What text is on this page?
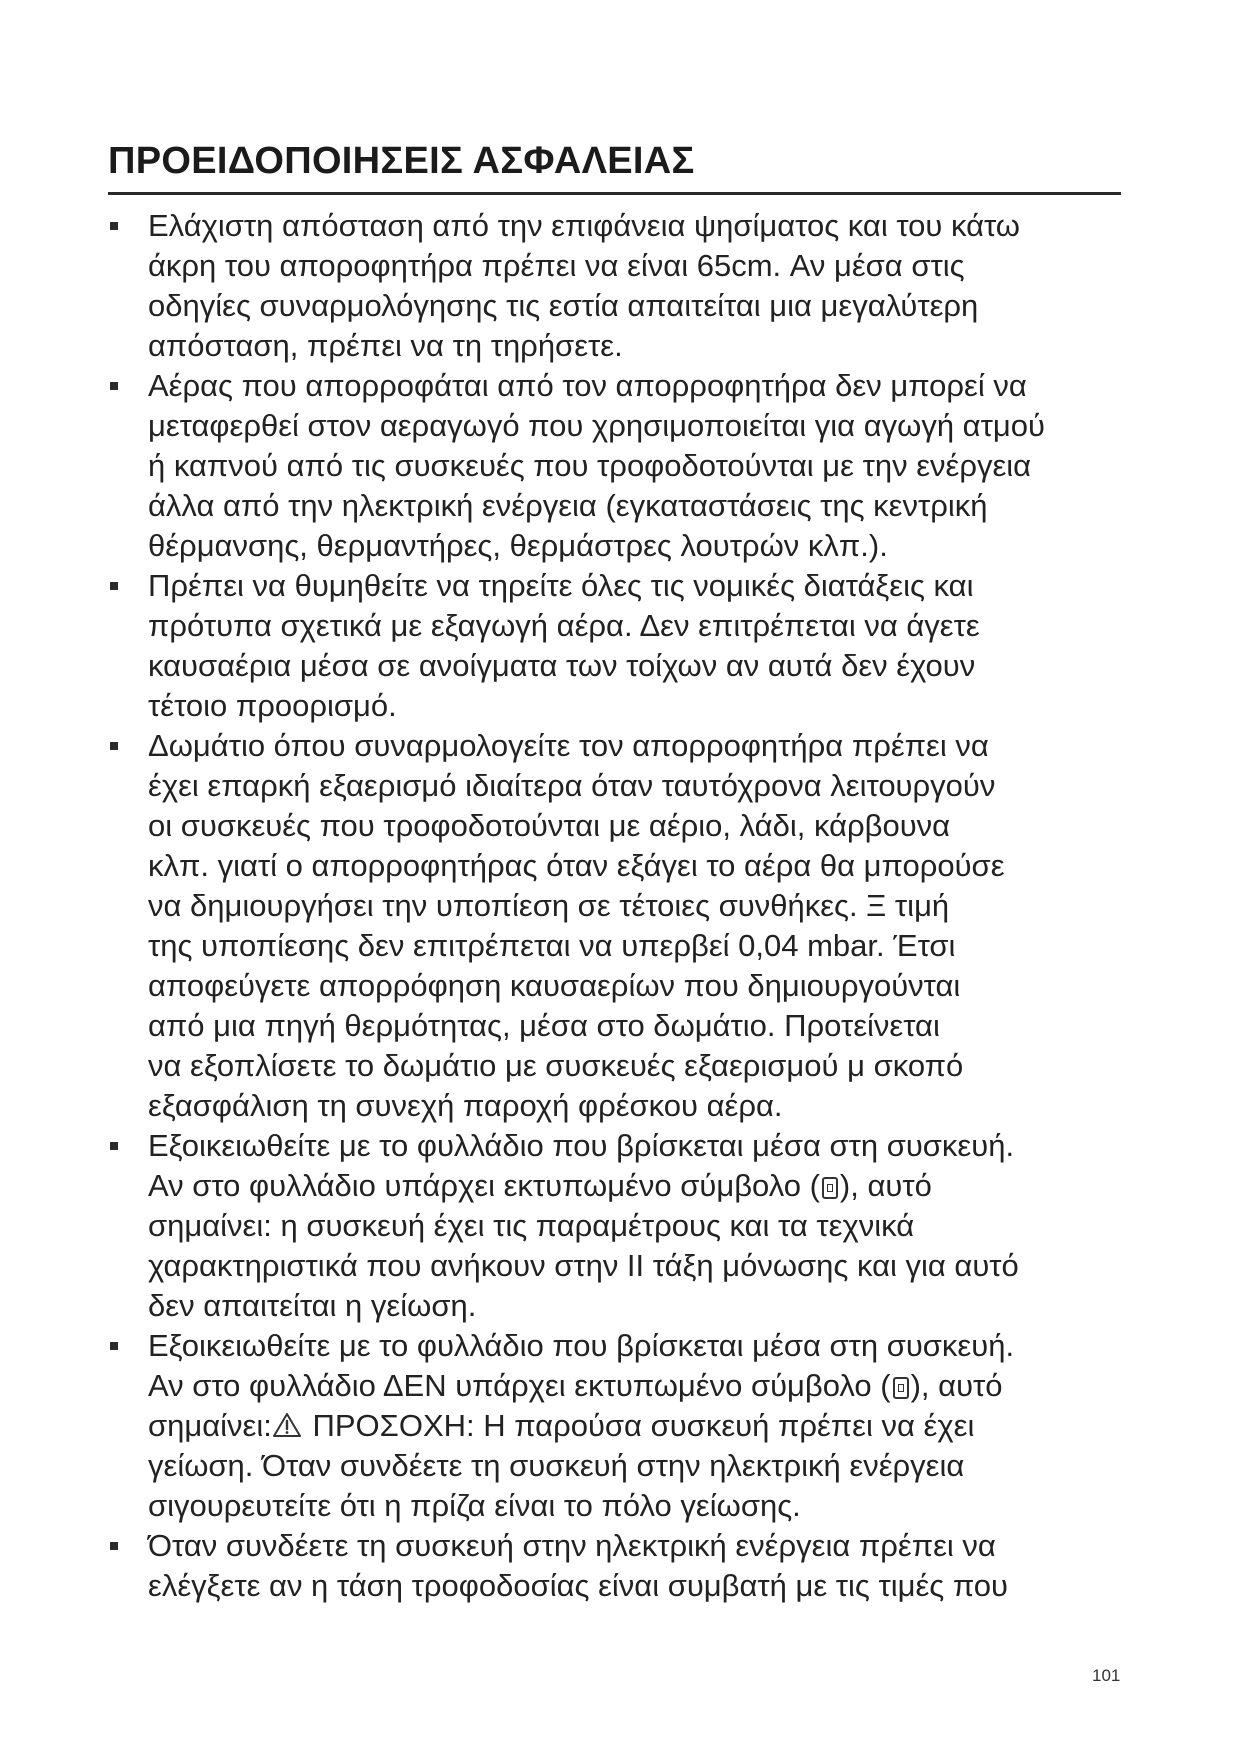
ΠΡΟΕΙΔΟΠΟΙΗΣΕΙΣ ΑΣΦΑΛΕΙΑΣ
Ελάχιστη απόσταση από την επιφάνεια ψησίματος και του κάτω
άκρη του αποροφητήρα πρέπει να είναι 65cm. Αν μέσα στις
οδηγίες συναρμολόγησης τις εστία απαιτείται μια μεγαλύτερη
απόσταση, πρέπει να τη τηρήσετε.
Αέρας που απορροφάται από τον απορροφητήρα δεν μπορεί να
μεταφερθεί στον αεραγωγό που χρησιμοποιείται για αγωγή ατμού
ή καπνού από τις συσκευές που τροφοδοτούνται με την ενέργεια
άλλα από την ηλεκτρική ενέργεια (εγκαταστάσεις της κεντρική
θέρμανσης, θερμαντήρες, θερμάστρες λουτρών κλπ.).
Πρέπει να θυμηθείτε να τηρείτε όλες τις νομικές διατάξεις και
πρότυπα σχετικά με εξαγωγή αέρα. Δεν επιτρέπεται να άγετε
καυσαέρια μέσα σε ανοίγματα των τοίχων αν αυτά δεν έχουν
τέτοιο προορισμό.
Δωμάτιο όπου συναρμολογείτε τον απορροφητήρα πρέπει να
έχει επαρκή εξαερισμό ιδιαίτερα όταν ταυτόχρονα λειτουργούν
οι συσκευές που τροφοδοτούνται με αέριο, λάδι, κάρβουνα
κλπ. γιατί ο απορροφητήρας όταν εξάγει το αέρα θα μπορούσε
να δημιουργήσει την υποπίεση σε τέτοιες συνθήκες. Ξ τιμή
της υποπίεσης δεν επιτρέπεται να υπερβεί 0,04 mbar. Έτσι
αποφεύγετε απορρόφηση καυσαερίων που δημιουργούνται
από μια πηγή θερμότητας, μέσα στο δωμάτιο. Προτείνεται
να εξοπλίσετε το δωμάτιο με συσκευές εξαερισμού μ σκοπό
εξασφάλιση τη συνεχή παροχή φρέσκου αέρα.
Εξοικειωθείτε με το φυλλάδιο που βρίσκεται μέσα στη συσκευή.
Αν στο φυλλάδιο υπάρχει εκτυπωμένο σύμβολο ( ), αυτό
σημαίνει: η συσκευή έχει τις παραμέτρους και τα τεχνικά
χαρακτηριστικά που ανήκουν στην II τάξη μόνωσης και για αυτό
δεν απαιτείται η γείωση.
Εξοικειωθείτε με το φυλλάδιο που βρίσκεται μέσα στη συσκευή.
Αν στο φυλλάδιο ΔΕΝ υπάρχει εκτυπωμένο σύμβολο ( ), αυτό
σημαίνει: ΠΡΟΣΟΧΗ: Η παρούσα συσκευή πρέπει να έχει
γείωση. Όταν συνδέετε τη συσκευή στην ηλεκτρική ενέργεια
σιγουρευτείτε ότι η πρίζα είναι το πόλο γείωσης.
Όταν συνδέετε τη συσκευή στην ηλεκτρική ενέργεια πρέπει να
ελέγξετε αν η τάση τροφοδοσίας είναι συμβατή με τις τιμές που
101
